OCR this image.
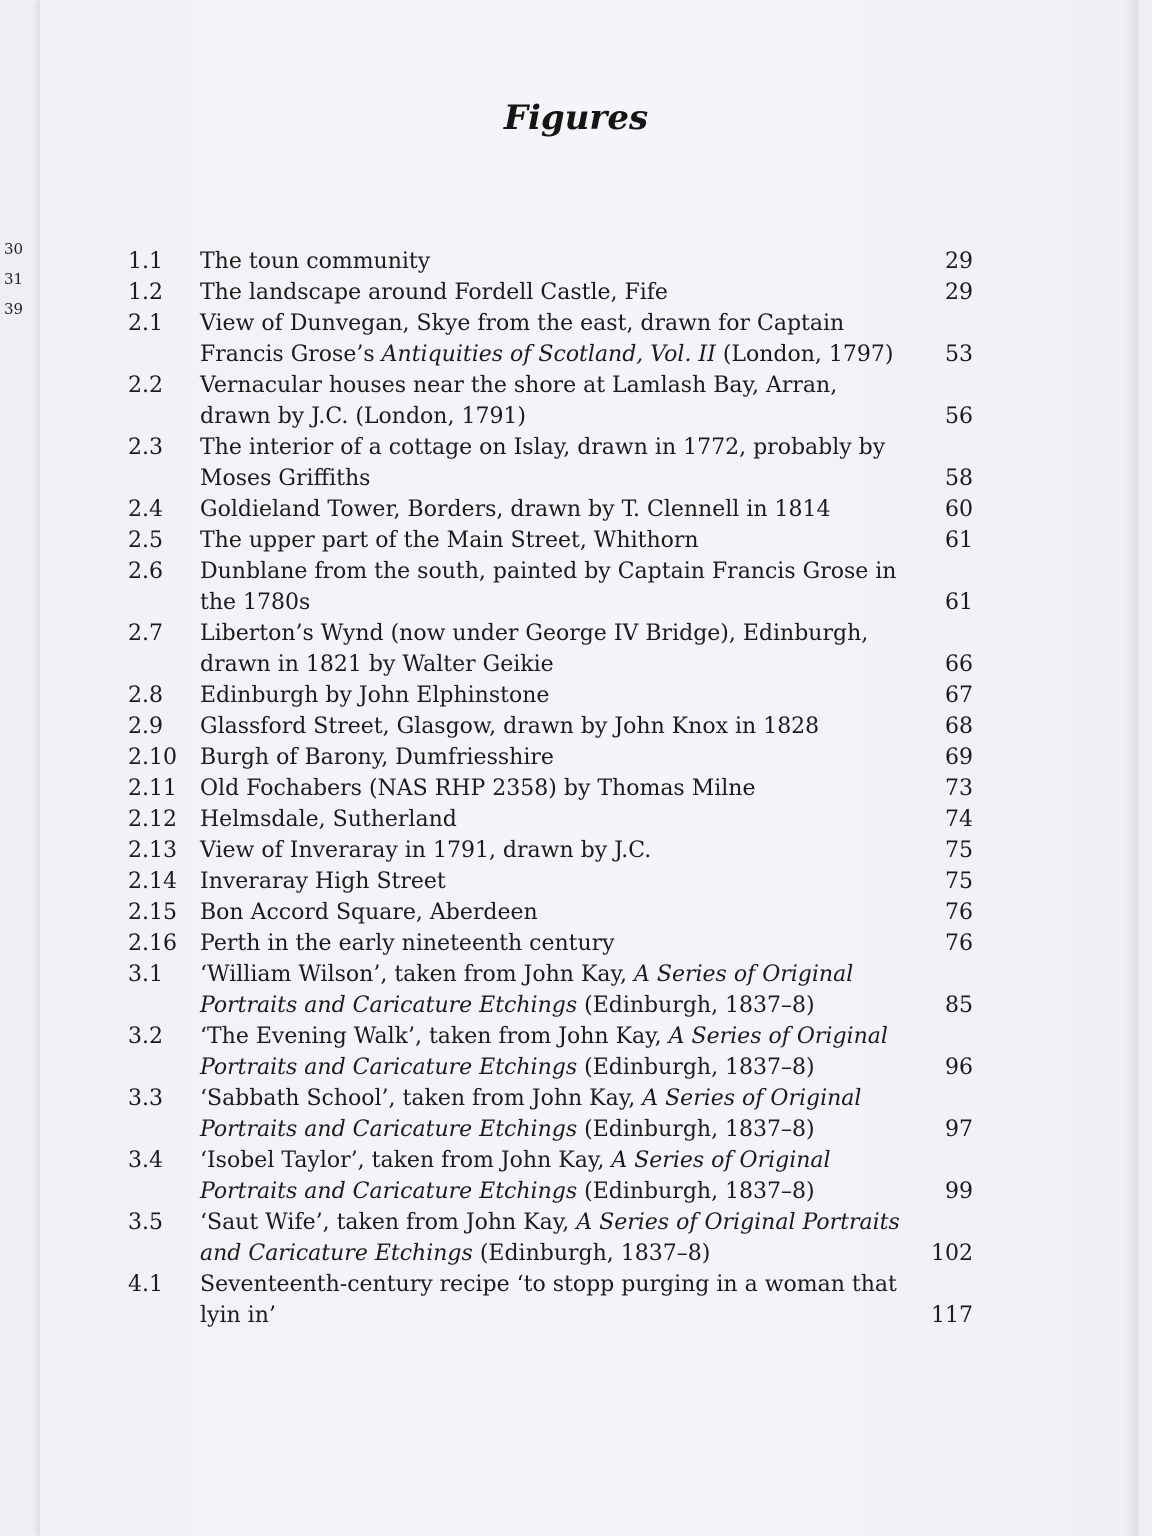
30
31
39
Figures
1.1	The toun community	29
1.2	The landscape around Fordell Castle, Fife	29
2.1	View of Dunvegan, Skye from the east, drawn for Captain Francis Grose’s Antiquities of Scotland, Vol. II (London, 1797)	53
2.2	Vernacular houses near the shore at Lamlash Bay, Arran, drawn by J.C. (London, 1791)	56
2.3	The interior of a cottage on Islay, drawn in 1772, probably by Moses Griffiths	58
2.4	Goldieland Tower, Borders, drawn by T. Clennell in 1814	60
2.5	The upper part of the Main Street, Whithorn	61
2.6	Dunblane from the south, painted by Captain Francis Grose in the 1780s	61
2.7	Liberton’s Wynd (now under George IV Bridge), Edinburgh, drawn in 1821 by Walter Geikie	66
2.8	Edinburgh by John Elphinstone	67
2.9	Glassford Street, Glasgow, drawn by John Knox in 1828	68
2.10	Burgh of Barony, Dumfriesshire	69
2.11	Old Fochabers (NAS RHP 2358) by Thomas Milne	73
2.12	Helmsdale, Sutherland	74
2.13	View of Inveraray in 1791, drawn by J.C.	75
2.14	Inveraray High Street	75
2.15	Bon Accord Square, Aberdeen	76
2.16	Perth in the early nineteenth century	76
3.1	‘William Wilson’, taken from John Kay, A Series of Original Portraits and Caricature Etchings (Edinburgh, 1837–8)	85
3.2	‘The Evening Walk’, taken from John Kay, A Series of Original Portraits and Caricature Etchings (Edinburgh, 1837–8)	96
3.3	‘Sabbath School’, taken from John Kay, A Series of Original Portraits and Caricature Etchings (Edinburgh, 1837–8)	97
3.4	‘Isobel Taylor’, taken from John Kay, A Series of Original Portraits and Caricature Etchings (Edinburgh, 1837–8)	99
3.5	‘Saut Wife’, taken from John Kay, A Series of Original Portraits and Caricature Etchings (Edinburgh, 1837–8)	102
4.1	Seventeenth-century recipe ‘to stopp purging in a woman that lyin in’	117
